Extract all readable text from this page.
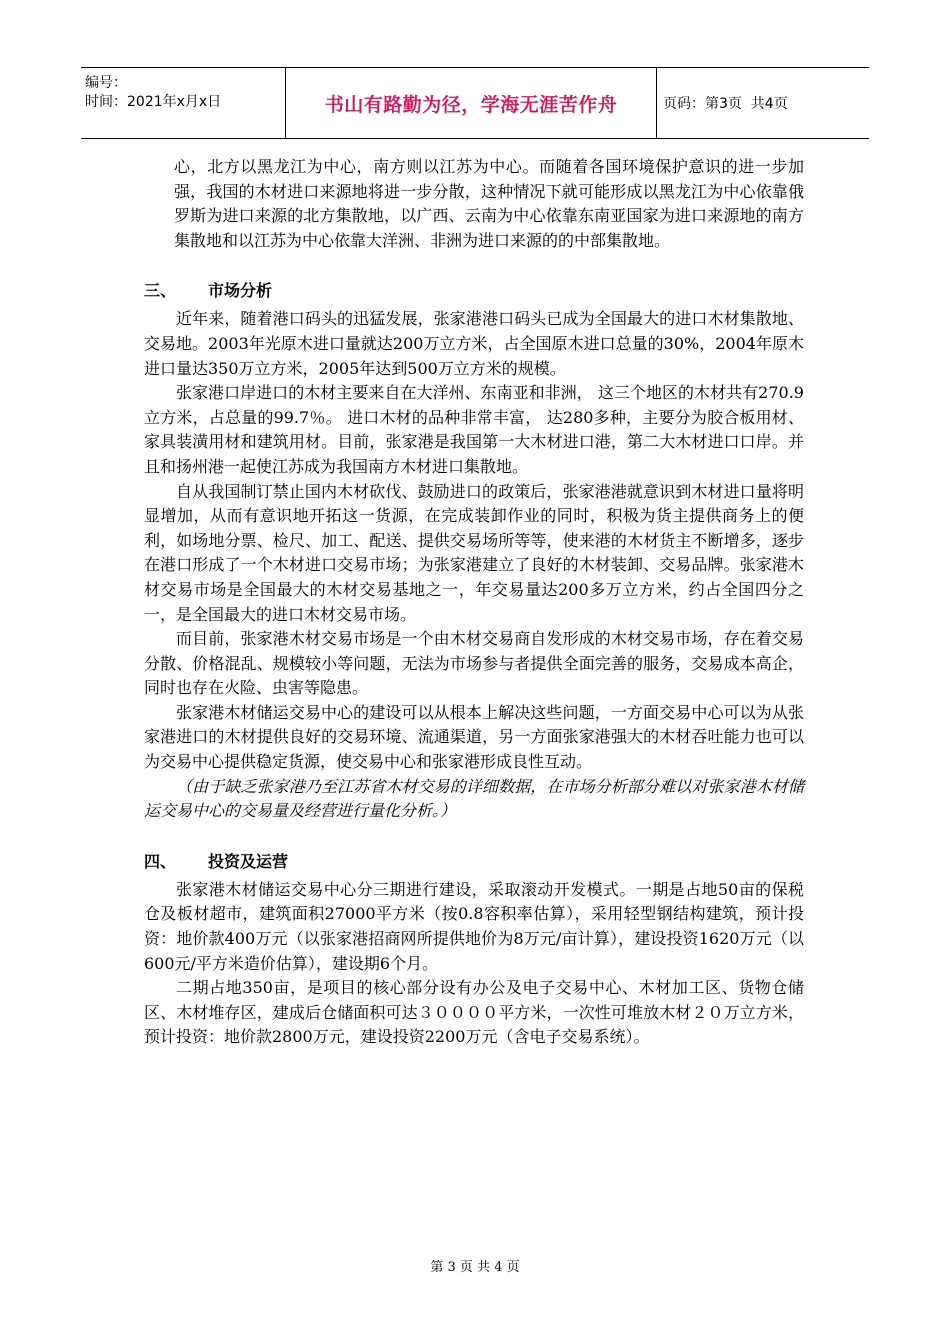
编号：
时间：2021年x月x日	书山有路勤为径，学海无涯苦作舟	页码：第3页  共4页

心，北方以黑龙江为中心，南方则以江苏为中心。而随着各国环境保护意识的进一步加强，我国的木材进口来源地将进一步分散，这种情况下就可能形成以黑龙江为中心依靠俄罗斯为进口来源的北方集散地，以广西、云南为中心依靠东南亚国家为进口来源地的南方集散地和以江苏为中心依靠大洋洲、非洲为进口来源的的中部集散地。

三、	市场分析

近年来，随着港口码头的迅猛发展，张家港港口码头已成为全国最大的进口木材集散地、交易地。2003年光原木进口量就达200万立方米，占全国原木进口总量的30%，2004年原木进口量达350万立方米，2005年达到500万立方米的规模。

张家港口岸进口的木材主要来自在大洋州、东南亚和非洲， 这三个地区的木材共有270.9立方米，占总量的99.7％。 进口木材的品种非常丰富， 达280多种，主要分为胶合板用材、家具装潢用材和建筑用材。目前，张家港是我国第一大木材进口港，第二大木材进口口岸。并且和扬州港一起使江苏成为我国南方木材进口集散地。

自从我国制订禁止国内木材砍伐、鼓励进口的政策后，张家港港就意识到木材进口量将明显增加，从而有意识地开拓这一货源，在完成装卸作业的同时，积极为货主提供商务上的便利，如场地分票、检尺、加工、配送、提供交易场所等等，使来港的木材货主不断增多，逐步在港口形成了一个木材进口交易市场；为张家港建立了良好的木材装卸、交易品牌。张家港木材交易市场是全国最大的木材交易基地之一，年交易量达200多万立方米，约占全国四分之一，是全国最大的进口木材交易市场。

而目前，张家港木材交易市场是一个由木材交易商自发形成的木材交易市场，存在着交易分散、价格混乱、规模较小等问题，无法为市场参与者提供全面完善的服务，交易成本高企，同时也存在火险、虫害等隐患。

张家港木材储运交易中心的建设可以从根本上解决这些问题，一方面交易中心可以为从张家港进口的木材提供良好的交易环境、流通渠道，另一方面张家港强大的木材吞吐能力也可以为交易中心提供稳定货源，使交易中心和张家港形成良性互动。

（由于缺乏张家港乃至江苏省木材交易的详细数据，在市场分析部分难以对张家港木材储运交易中心的交易量及经营进行量化分析。）

四、	投资及运营

张家港木材储运交易中心分三期进行建设，采取滚动开发模式。一期是占地50亩的保税仓及板材超市，建筑面积27000平方米（按0.8容积率估算），采用轻型钢结构建筑，预计投资：地价款400万元（以张家港招商网所提供地价为8万元/亩计算），建设投资1620万元（以600元/平方米造价估算），建设期6个月。

二期占地350亩，是项目的核心部分设有办公及电子交易中心、木材加工区、货物仓储区、木材堆存区，建成后仓储面积可达３００００平方米，一次性可堆放木材２０万立方米，预计投资：地价款2800万元，建设投资2200万元（含电子交易系统）。

第 3 页 共 4 页
